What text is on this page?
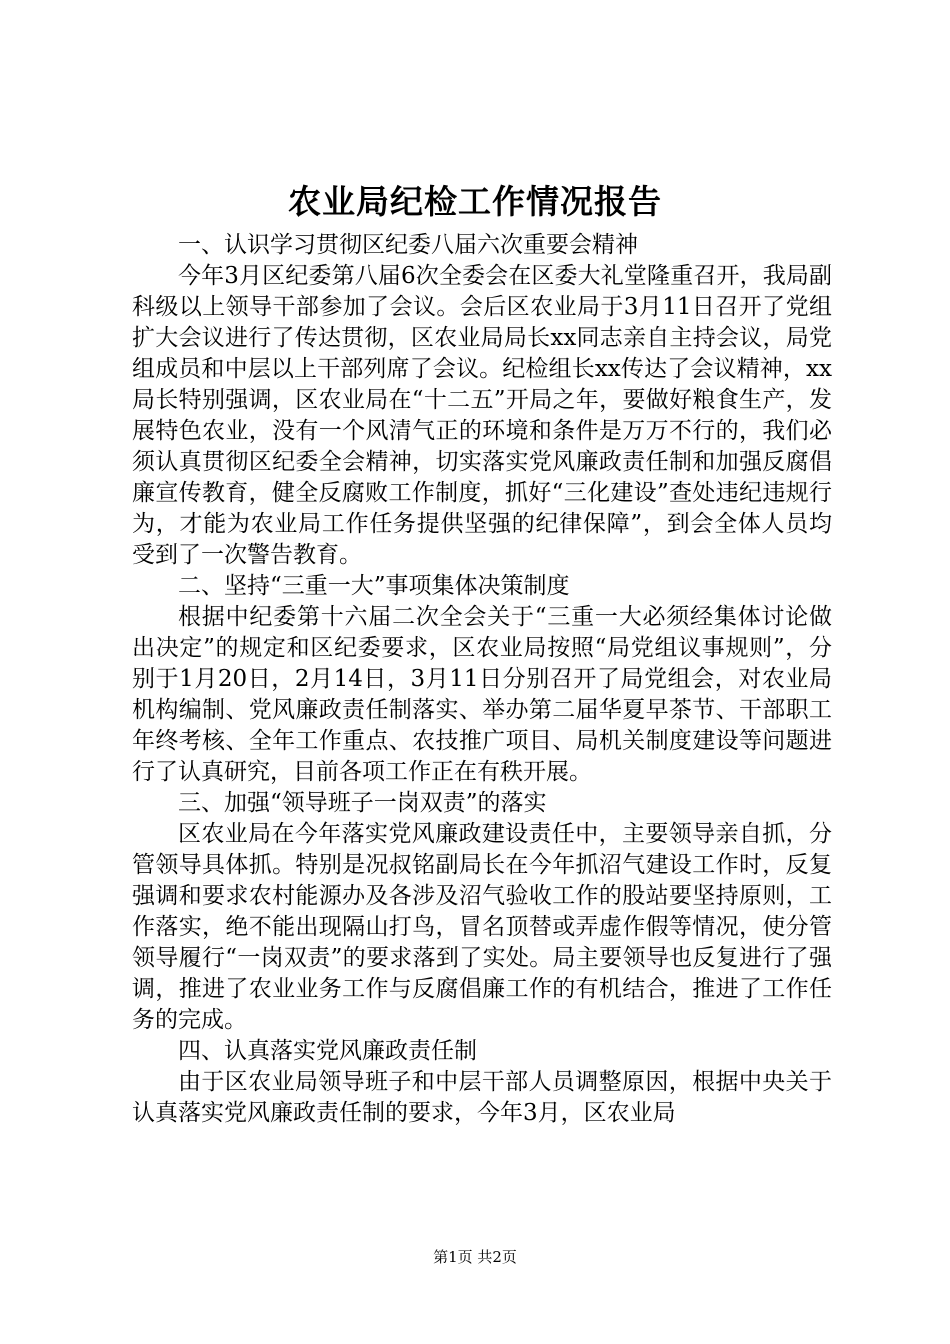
农业局纪检工作情况报告

一、认识学习贯彻区纪委八届六次重要会精神

今年3月区纪委第八届6次全委会在区委大礼堂隆重召开，我局副科级以上领导干部参加了会议。会后区农业局于3月11日召开了党组扩大会议进行了传达贯彻，区农业局局长xx同志亲自主持会议，局党组成员和中层以上干部列席了会议。纪检组长xx传达了会议精神，xx局长特别强调，区农业局在“十二五”开局之年，要做好粮食生产，发展特色农业，没有一个风清气正的环境和条件是万万不行的，我们必须认真贯彻区纪委全会精神，切实落实党风廉政责任制和加强反腐倡廉宣传教育，健全反腐败工作制度，抓好“三化建设”查处违纪违规行为，才能为农业局工作任务提供坚强的纪律保障”，到会全体人员均受到了一次警告教育。

二、坚持“三重一大”事项集体决策制度

根据中纪委第十六届二次全会关于“三重一大必须经集体讨论做出决定”的规定和区纪委要求，区农业局按照“局党组议事规则”，分别于1月20日，2月14日，3月11日分别召开了局党组会，对农业局机构编制、党风廉政责任制落实、举办第二届华夏早茶节、干部职工年终考核、全年工作重点、农技推广项目、局机关制度建设等问题进行了认真研究，目前各项工作正在有秩开展。

三、加强“领导班子一岗双责”的落实

区农业局在今年落实党风廉政建设责任中，主要领导亲自抓，分管领导具体抓。特别是况叔铭副局长在今年抓沼气建设工作时，反复强调和要求农村能源办及各涉及沼气验收工作的股站要坚持原则，工作落实，绝不能出现隔山打鸟，冒名顶替或弄虚作假等情况，使分管领导履行“一岗双责”的要求落到了实处。局主要领导也反复进行了强调，推进了农业业务工作与反腐倡廉工作的有机结合，推进了工作任务的完成。

四、认真落实党风廉政责任制

由于区农业局领导班子和中层干部人员调整原因，根据中央关于认真落实党风廉政责任制的要求，今年3月，区农业局

第1页 共2页
